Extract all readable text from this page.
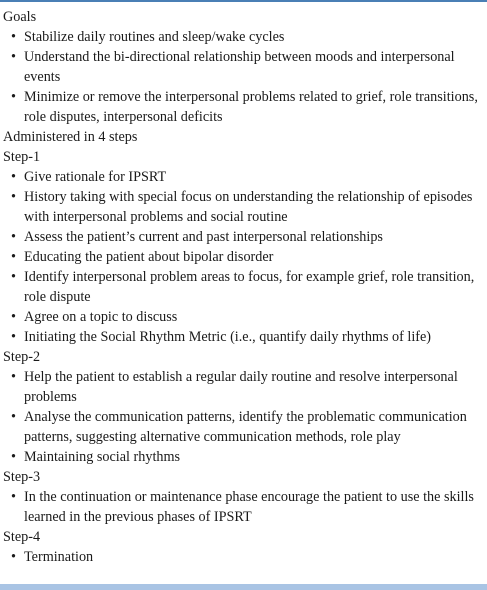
Goals

• Stabilize daily routines and sleep/wake cycles
• Understand the bi-directional relationship between moods and interpersonal events
• Minimize or remove the interpersonal problems related to grief, role transitions, role disputes, interpersonal deficits

Administered in 4 steps

Step-1

• Give rationale for IPSRT
• History taking with special focus on understanding the relationship of episodes with interpersonal problems and social routine
• Assess the patient’s current and past interpersonal relationships
• Educating the patient about bipolar disorder
• Identify interpersonal problem areas to focus, for example grief, role transition, role dispute
• Agree on a topic to discuss
• Initiating the Social Rhythm Metric (i.e., quantify daily rhythms of life)

Step-2

• Help the patient to establish a regular daily routine and resolve interpersonal problems
• Analyse the communication patterns, identify the problematic communication patterns, suggesting alternative communication methods, role play
• Maintaining social rhythms

Step-3

• In the continuation or maintenance phase encourage the patient to use the skills learned in the previous phases of IPSRT

Step-4

• Termination
